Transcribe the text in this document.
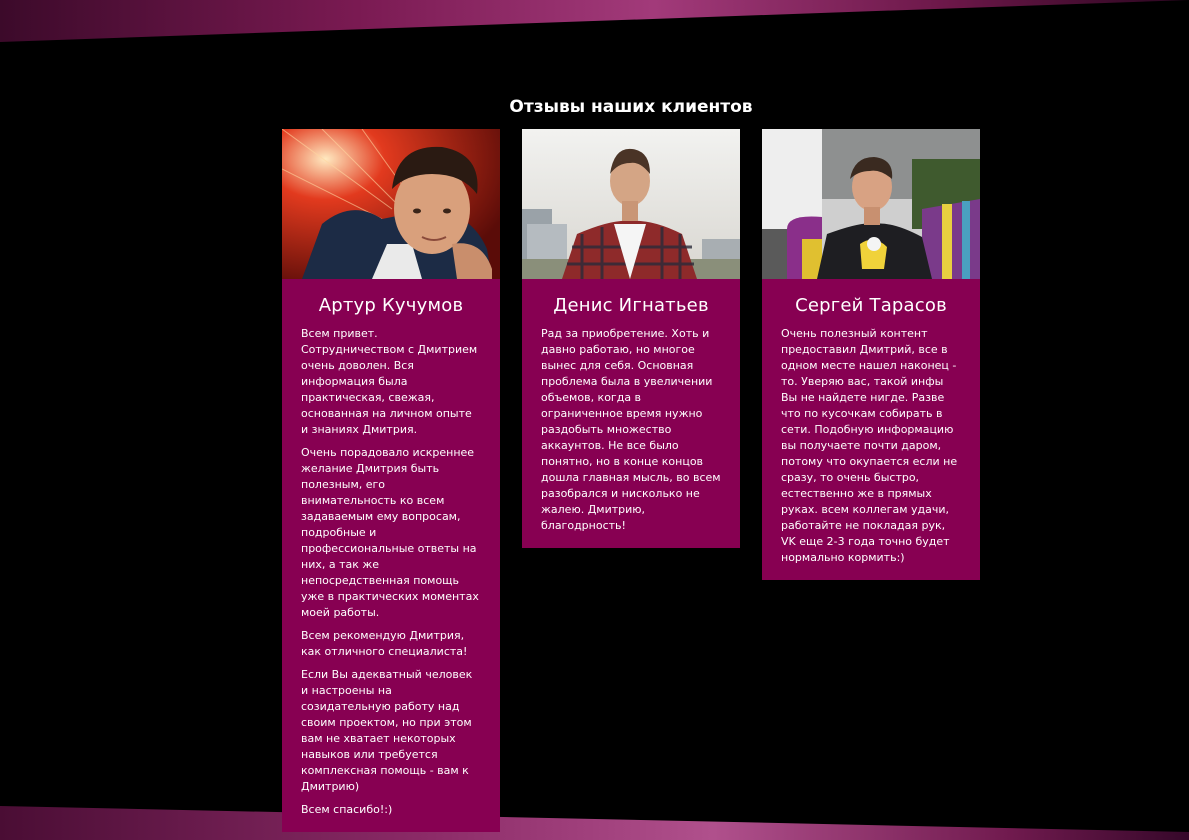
Отзывы наших клиентов
Артур Кучумов

Всем привет. Сотрудничеством с Дмитрием очень доволен. Вся информация была практическая, свежая, основанная на личном опыте и знаниях Дмитрия.

Очень порадовало искреннее желание Дмитрия быть полезным, его внимательность ко всем задаваемым ему вопросам, подробные и профессиональные ответы на них, а так же непосредственная помощь уже в практических моментах моей работы.

Всем рекомендую Дмитрия, как отличного специалиста!

Если Вы адекватный человек и настроены на созидательную работу над своим проектом, но при этом вам не хватает некоторых навыков или требуется комплексная помощь - вам к Дмитрию)

Всем спасибо!:)

Денис Игнатьев

Рад за приобретение. Хоть и давно работаю, но многое вынес для себя. Основная проблема была в увеличении объемов, когда в ограниченное время нужно раздобыть множество аккаунтов. Не все было понятно, но в конце концов дошла главная мысль, во всем разобрался и нисколько не жалею. Дмитрию, благодрность!

Сергей Тарасов

Очень полезный контент предоставил Дмитрий, все в одном месте нашел наконец - то. Уверяю вас, такой инфы Вы не найдете нигде. Разве что по кусочкам собирать в сети. Подобную информацию вы получаете почти даром, потому что окупается если не сразу, то очень быстро, естественно же в прямых руках. всем коллегам удачи, работайте не покладая рук, VK еще 2-3 года точно будет нормально кормить:)
